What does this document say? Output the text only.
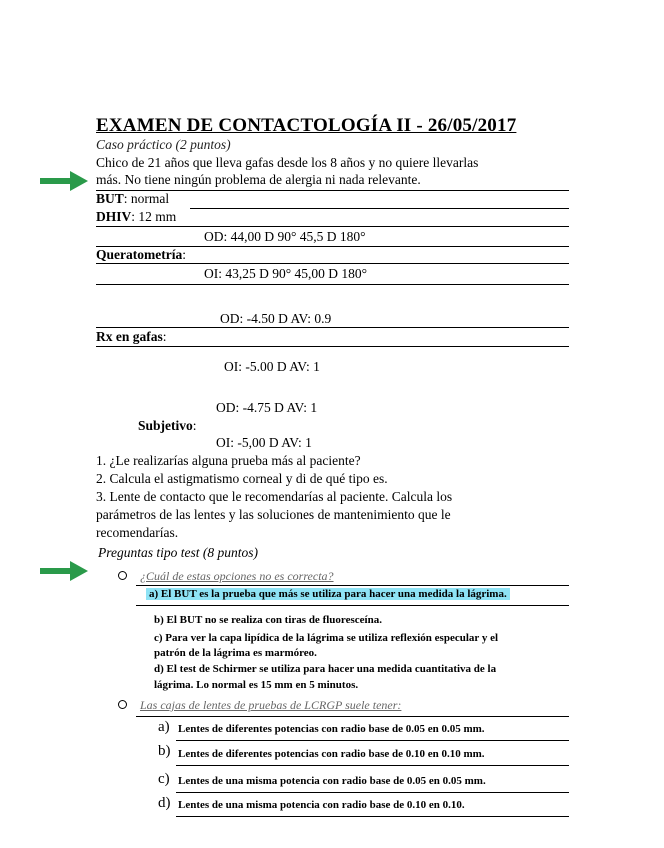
EXAMEN DE CONTACTOLOGÍA II - 26/05/2017
Caso práctico (2 puntos)
Chico de 21 años que lleva gafas desde los 8 años y no quiere llevarlas
más. No tiene ningún problema de alergia ni nada relevante.
BUT: normal
DHIV: 12 mm
OD: 44,00 D 90° 45,5 D 180°
Queratometría:
OI: 43,25 D 90° 45,00 D 180°
OD: -4.50 D AV: 0.9
Rx en gafas:
OI: -5.00 D AV: 1
OD: -4.75 D AV: 1
Subjetivo:
OI: -5,00 D AV: 1
1. ¿Le realizarías alguna prueba más al paciente?
2. Calcula el astigmatismo corneal y di de qué tipo es.
3. Lente de contacto que le recomendarías al paciente. Calcula los
parámetros de las lentes y las soluciones de mantenimiento que le
recomendarías.
Preguntas tipo test (8 puntos)
¿Cuál de estas opciones no es correcta?
a) El BUT es la prueba que más se utiliza para hacer una medida la lágrima.
b) El BUT no se realiza con tiras de fluoresceína.
c) Para ver la capa lipídica de la lágrima se utiliza reflexión especular y el
patrón de la lágrima es marmóreo.
d) El test de Schirmer se utiliza para hacer una medida cuantitativa de la
lágrima. Lo normal es 15 mm en 5 minutos.
Las cajas de lentes de pruebas de LCRGP suele tener:
a) Lentes de diferentes potencias con radio base de 0.05 en 0.05 mm.
b) Lentes de diferentes potencias con radio base de 0.10 en 0.10 mm.
c) Lentes de una misma potencia con radio base de 0.05 en 0.05 mm.
d) Lentes de una misma potencia con radio base de 0.10 en 0.10.
